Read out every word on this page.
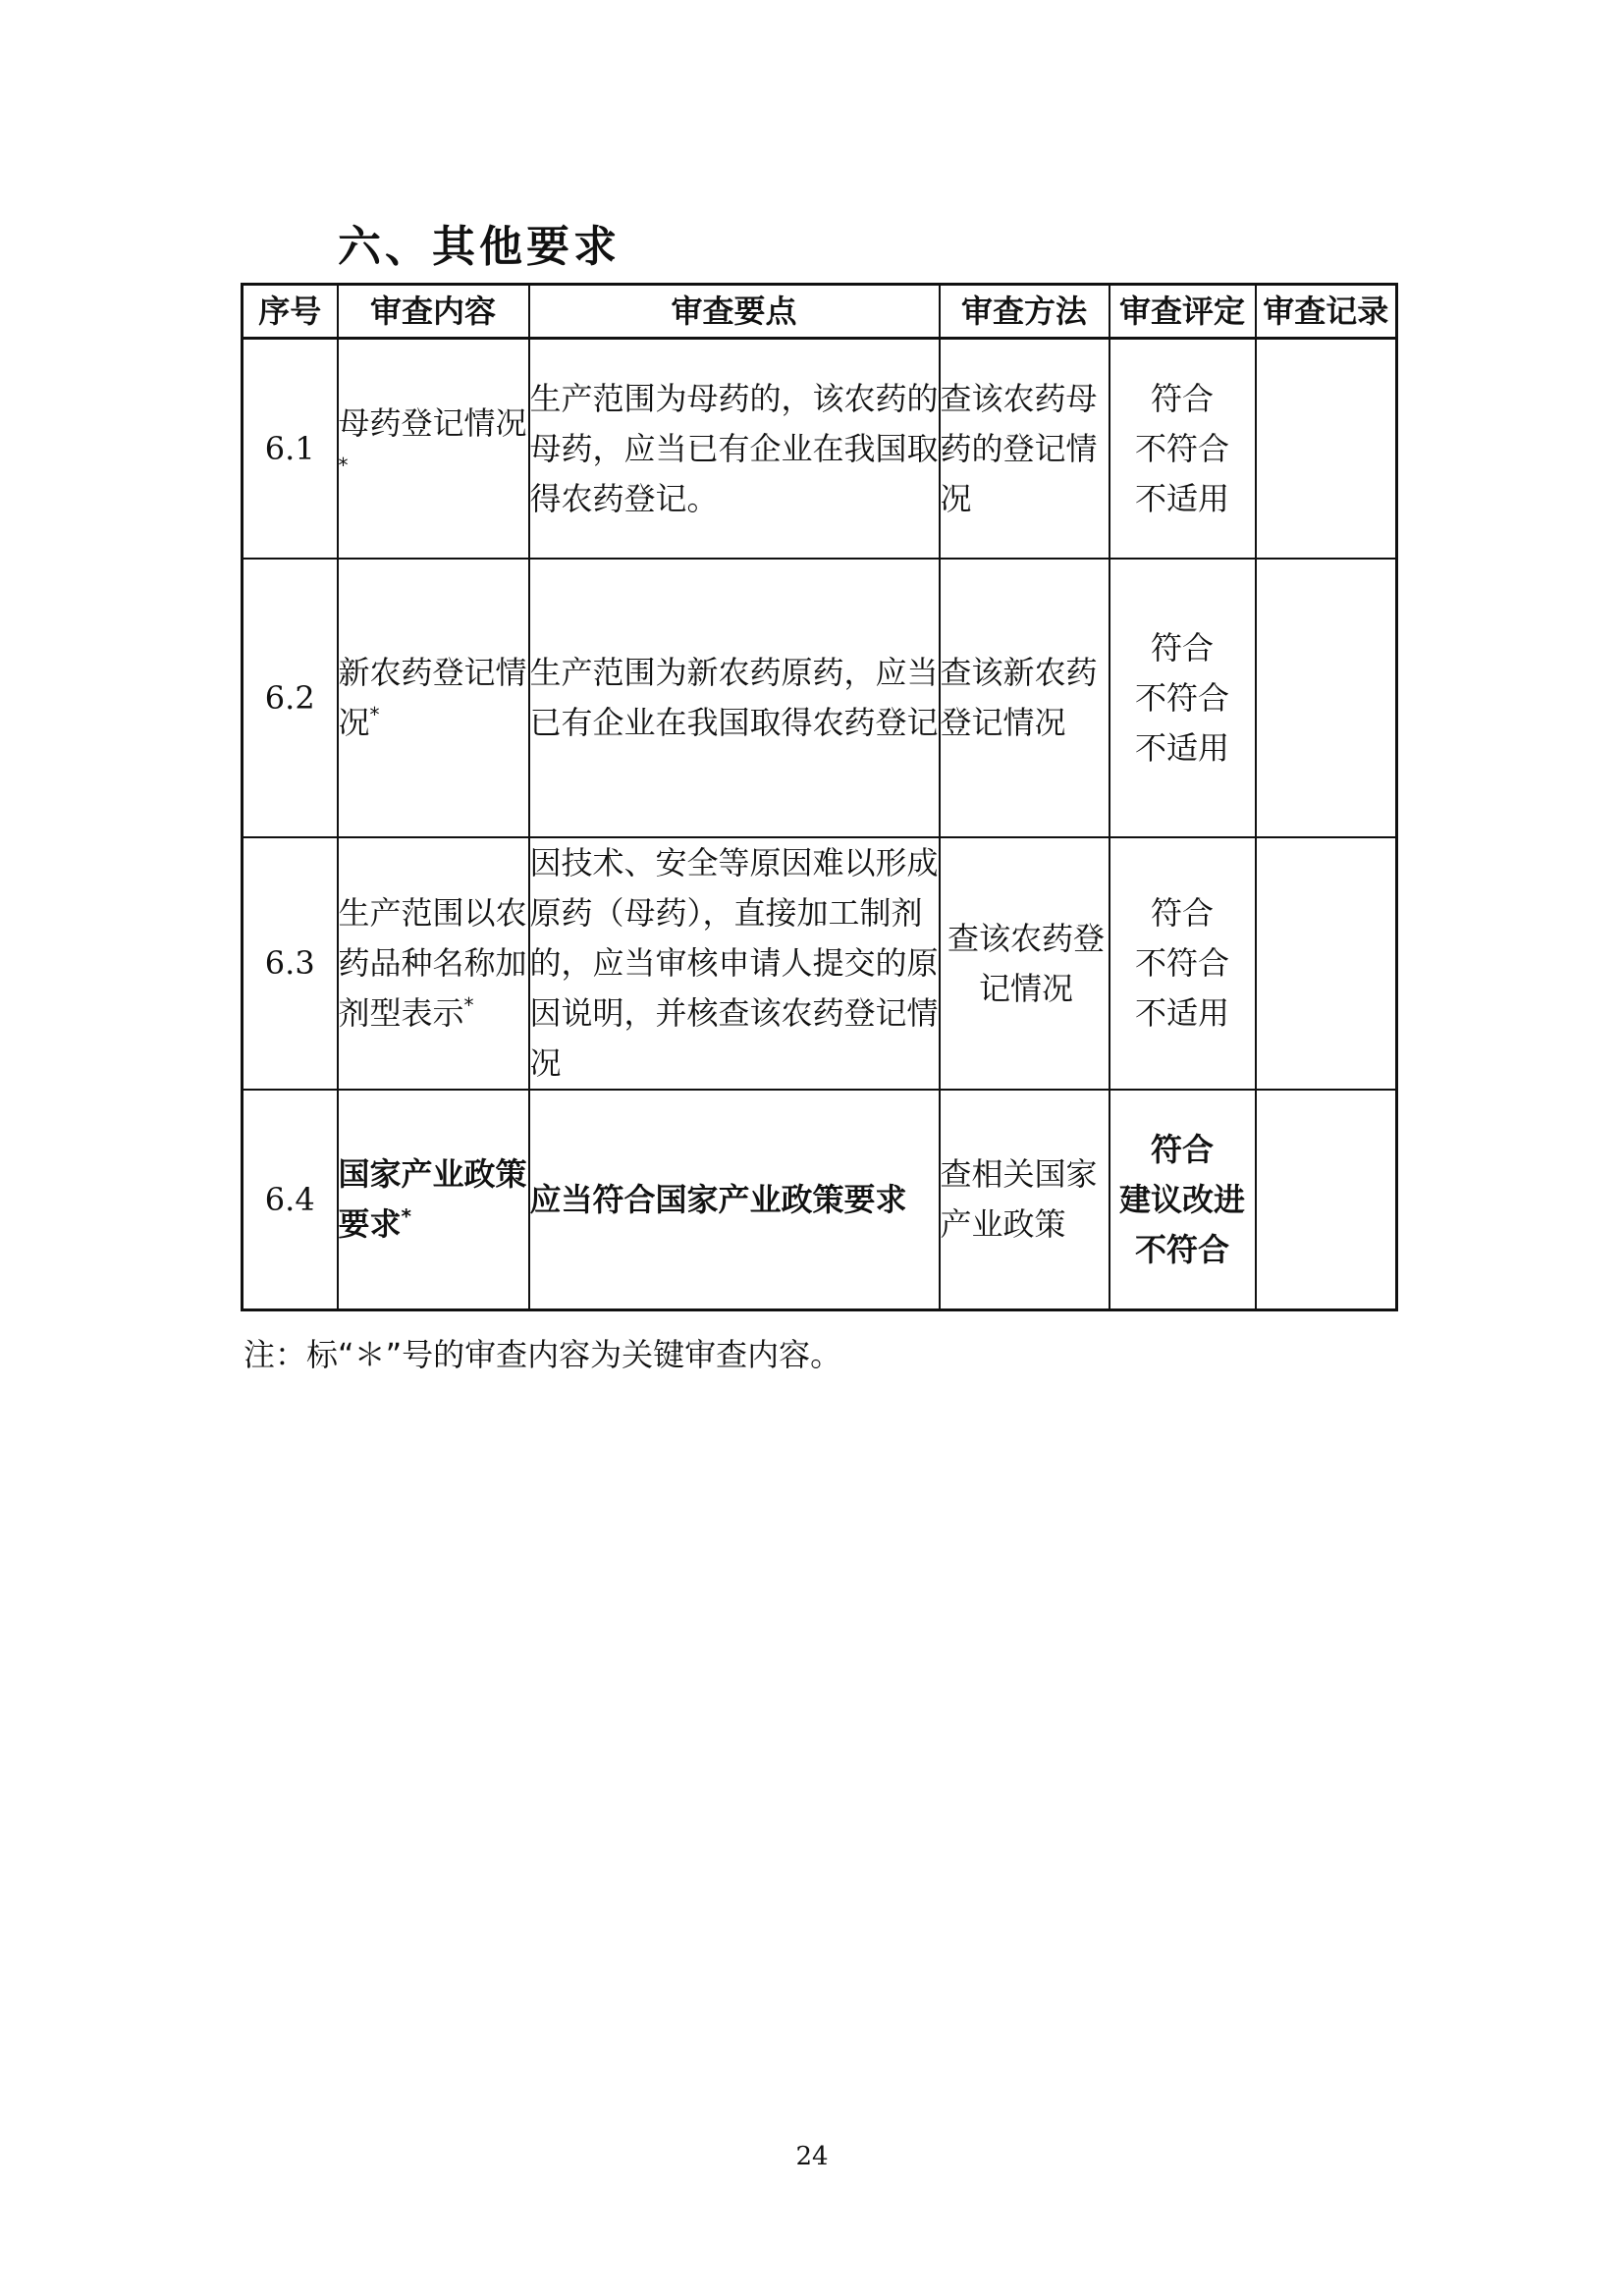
六、其他要求
序号	审查内容	审查要点	审查方法	审查评定	审查记录
6.1	母药登记情况*	生产范围为母药的，该农药的母药，应当已有企业在我国取得农药登记。	查该农药母药的登记情况	符合
不符合
不适用	

6.2	新农药登记情况*	生产范围为新农药原药，应当已有企业在我国取得农药登记	查该新农药登记情况	符合
不符合
不适用	

6.3	生产范围以农药品种名称加剂型表示*	因技术、安全等原因难以形成原药（母药），直接加工制剂的，应当审核申请人提交的原因说明，并核查该农药登记情况	查该农药登记情况	符合
不符合
不适用	

6.4	国家产业政策要求*	应当符合国家产业政策要求	查相关国家产业政策	符合
建议改进
不符合	

注：标“＊”号的审查内容为关键审查内容。

24
